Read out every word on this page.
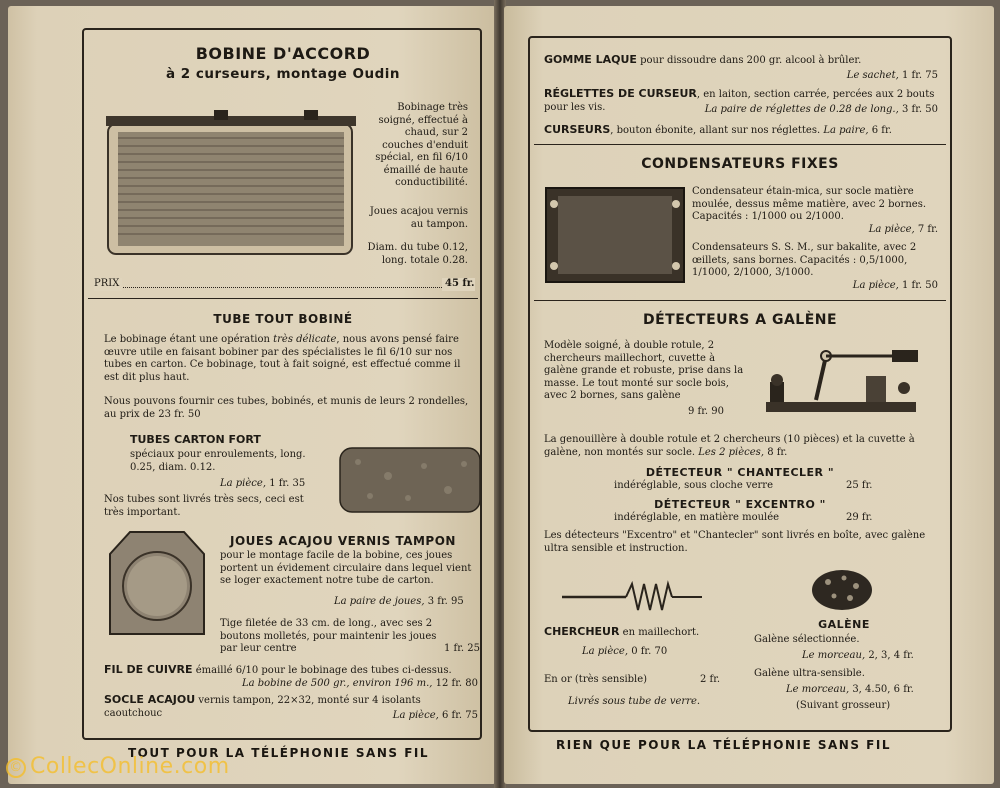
BOBINE D'ACCORD
à 2 curseurs, montage Oudin
Bobinage très soigné, effectué à chaud, sur 2 couches d'enduit spécial, en fil 6/10 émaillé de haute conductibilité.
Joues acajou vernis au tampon.
Diam. du tube 0.12, long. totale 0.28.
PRIX	45 fr.
TUBE TOUT BOBINÉ
Le bobinage étant une opération très délicate, nous avons pensé faire œuvre utile en faisant bobiner par des spécialistes le fil 6/10 sur nos tubes en carton. Ce bobinage, tout à fait soigné, est effectué comme il est dit plus haut.
Nous pouvons fournir ces tubes, bobinés, et munis de leurs 2 rondelles, au prix de 23 fr. 50
TUBES CARTON FORT
spéciaux pour enroulements, long. 0.25, diam. 0.12.
La pièce, 1 fr. 35
Nos tubes sont livrés très secs, ceci est très important.
JOUES ACAJOU VERNIS TAMPON
pour le montage facile de la bobine, ces joues portent un évidement circulaire dans lequel vient se loger exactement notre tube de carton.
La paire de joues, 3 fr. 95
Tige filetée de 33 cm. de long., avec ses 2 boutons molletés, pour maintenir les joues par leur centre	1 fr. 25
FIL DE CUIVRE émaillé 6/10 pour le bobinage des tubes ci-dessus.
La bobine de 500 gr., environ 196 m., 12 fr. 80
SOCLE ACAJOU vernis tampon, 22×32, monté sur 4 isolants caoutchouc	La pièce, 6 fr. 75
TOUT POUR LA TÉLÉPHONIE SANS FIL
GOMME LAQUE pour dissoudre dans 200 gr. alcool à brûler.
Le sachet, 1 fr. 75
RÉGLETTES DE CURSEUR, en laiton, section carrée, percées aux 2 bouts pour les vis.	La paire de réglettes de 0.28 de long., 3 fr. 50
CURSEURS, bouton ébonite, allant sur nos réglettes. La paire, 6 fr.
CONDENSATEURS FIXES
Condensateur étain-mica, sur socle matière moulée, dessus même matière, avec 2 bornes. Capacités : 1/1000 ou 2/1000.
La pièce, 7 fr.
Condensateurs S. S. M., sur bakalite, avec 2 œillets, sans bornes. Capacités : 0,5/1000, 1/1000, 2/1000, 3/1000.
La pièce, 1 fr. 50
DÉTECTEURS A GALÈNE
Modèle soigné, à double rotule, 2 chercheurs maillechort, cuvette à galène grande et robuste, prise dans la masse. Le tout monté sur socle bois, avec 2 bornes, sans galène
9 fr. 90
La genouillère à double rotule et 2 chercheurs (10 pièces) et la cuvette à galène, non montés sur socle. Les 2 pièces, 8 fr.
DÉTECTEUR " CHANTECLER "
indéréglable, sous cloche verre	25 fr.
DÉTECTEUR " EXCENTRO "
indéréglable, en matière moulée	29 fr.
Les détecteurs "Excentro" et "Chantecler" sont livrés en boîte, avec galène ultra sensible et instruction.
CHERCHEUR en maillechort.
La pièce, 0 fr. 70
En or (très sensible)	2 fr.
Livrés sous tube de verre.
GALÈNE
Galène sélectionnée.
Le morceau, 2, 3, 4 fr.
Galène ultra-sensible.
Le morceau, 3, 4.50, 6 fr.
(Suivant grosseur)
RIEN QUE POUR LA TÉLÉPHONIE SANS FIL
© CollecOnline.com
